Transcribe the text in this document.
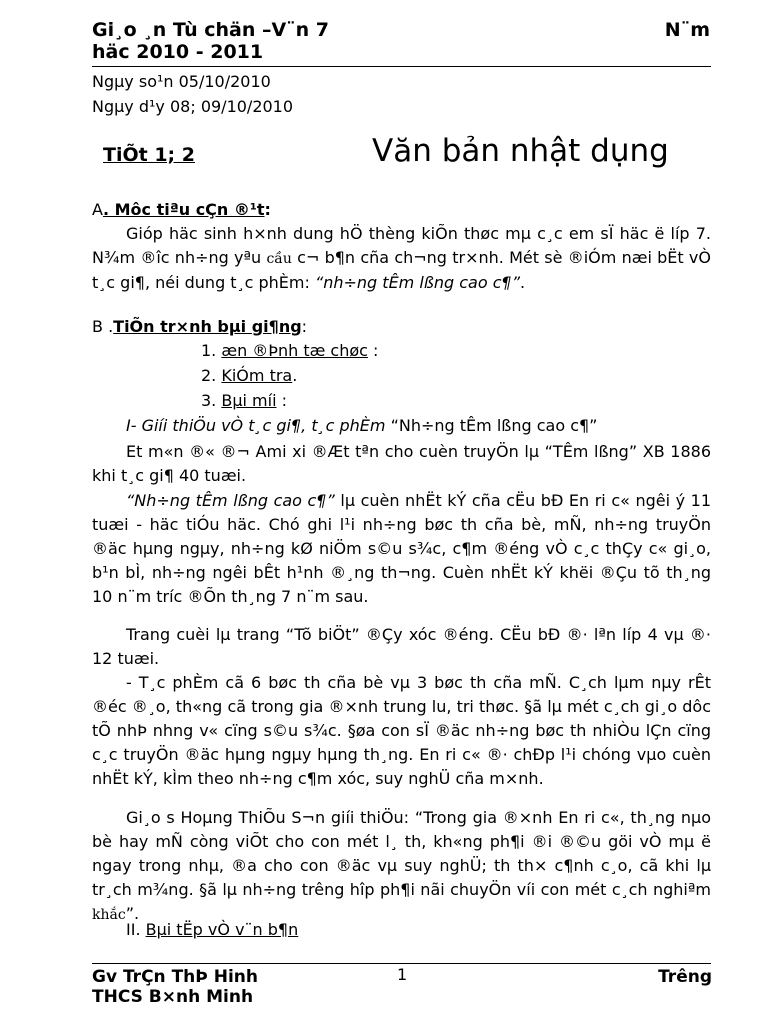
Gi¸o ¸n Tù chän –V¨n 7	N¨m
häc 2010 - 2011
Ngµy so¹n 05/10/2010
Ngµy d¹y 08; 09/10/2010
TiÕt 1; 2	Văn bản nhật dụng
A. Môc tiªu cÇn ®¹t:
Gióp häc sinh h×nh dung hÖ thèng kiÕn thøc mµ c¸c em sÏ häc ë líp 7. N¾m ®îc nh÷ng yªu cầu c¬ b¶n cña ch¬ng tr×nh. Mét sè ®iÓm næi bËt vÒ t¸c gi¶, néi dung t¸c phÈm: “nh÷ng tÊm lßng cao c¶”.
B .TiÕn tr×nh bµi gi¶ng:
1. æn ®Þnh tæ chøc :
2. KiÓm tra.
3. Bµi míi :
I- Giíi thiÖu vÒ t¸c gi¶, t¸c phÈm “Nh÷ng tÊm lßng cao c¶”
Et m«n ®« ®¬ Ami xi ®Æt tªn cho cuèn truyÖn lµ “TÊm lßng” XB 1886 khi t¸c gi¶ 40 tuæi.
“Nh÷ng tÊm lßng cao c¶” lµ cuèn nhËt kÝ cña cËu bÐ En ri c« ngêi ý 11 tuæi - häc tiÓu häc. Chó ghi l¹i nh÷ng bøc th cña bè, mÑ, nh÷ng truyÖn ®äc hµng ngµy, nh÷ng kØ niÖm s©u s¾c, c¶m ®éng vÒ c¸c thÇy c« gi¸o, b¹n bÌ, nh÷ng ngêi bÊt h¹nh ®¸ng th¬ng. Cuèn nhËt kÝ khëi ®Çu tõ th¸ng 10 n¨m tríc ®Õn th¸ng 7 n¨m sau.
Trang cuèi lµ trang “Tõ biÖt” ®Çy xóc ®éng. CËu bÐ ®· lªn líp 4 vµ ®· 12 tuæi.
- T¸c phÈm cã 6 bøc th cña bè vµ 3 bøc th cña mÑ. C¸ch lµm nµy rÊt ®éc ®¸o, th«ng cã trong gia ®×nh trung lu, tri thøc. §ã lµ mét c¸ch gi¸o dôc tÕ nhÞ nhng v« cïng s©u s¾c. §øa con sÏ ®äc nh÷ng bøc th nhiÒu lÇn cïng c¸c truyÖn ®äc hµng ngµy hµng th¸ng. En ri c« ®· chÐp l¹i chóng vµo cuèn nhËt kÝ, kÌm theo nh÷ng c¶m xóc, suy nghÜ cña m×nh.
Gi¸o s Hoµng ThiÕu S¬n giíi thiÖu: “Trong gia ®×nh En ri c«, th¸ng nµo bè hay mÑ còng viÕt cho con mét l¸ th, kh«ng ph¶i ®i ®©u göi vÒ mµ ë ngay trong nhµ, ®a cho con ®äc vµ suy nghÜ; th th× c¶nh c¸o, cã khi lµ tr¸ch m¾ng. §ã lµ nh÷ng trêng hîp ph¶i nãi chuyÖn víi con mét c¸ch nghiªm khắc”.
II. Bµi tËp vÒ v¨n b¶n
Gv TrÇn ThÞ Hinh	1	Trêng
THCS B×nh Minh
